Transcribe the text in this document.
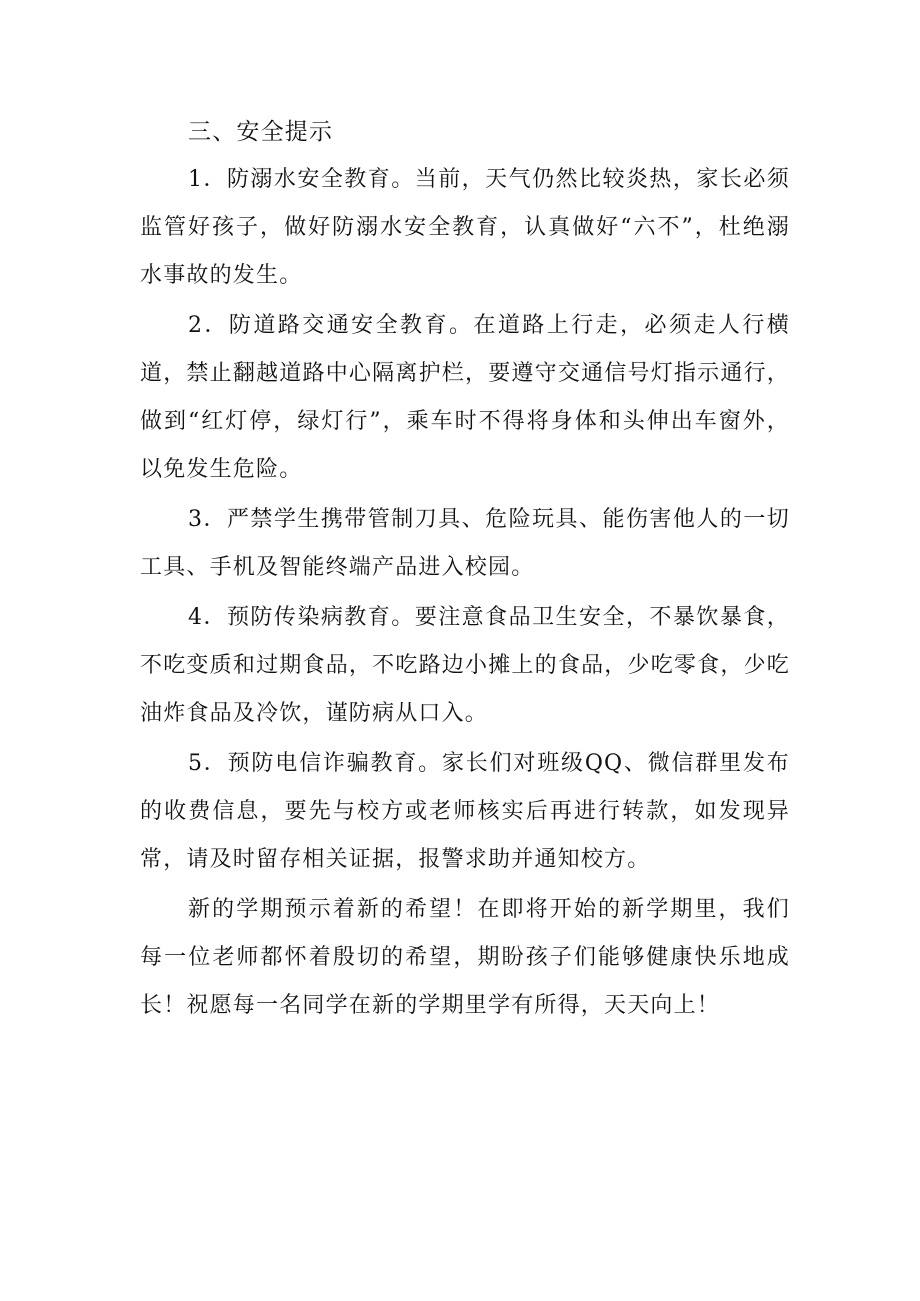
三、安全提示

1．防溺水安全教育。当前，天气仍然比较炎热，家长必须监管好孩子，做好防溺水安全教育，认真做好“六不”，杜绝溺水事故的发生。

2．防道路交通安全教育。在道路上行走，必须走人行横道，禁止翻越道路中心隔离护栏，要遵守交通信号灯指示通行，做到“红灯停，绿灯行”，乘车时不得将身体和头伸出车窗外，以免发生危险。

3．严禁学生携带管制刀具、危险玩具、能伤害他人的一切工具、手机及智能终端产品进入校园。

4．预防传染病教育。要注意食品卫生安全，不暴饮暴食，不吃变质和过期食品，不吃路边小摊上的食品，少吃零食，少吃油炸食品及冷饮，谨防病从口入。

5．预防电信诈骗教育。家长们对班级QQ、微信群里发布的收费信息，要先与校方或老师核实后再进行转款，如发现异常，请及时留存相关证据，报警求助并通知校方。

新的学期预示着新的希望！在即将开始的新学期里，我们每一位老师都怀着殷切的希望，期盼孩子们能够健康快乐地成长！祝愿每一名同学在新的学期里学有所得，天天向上！
